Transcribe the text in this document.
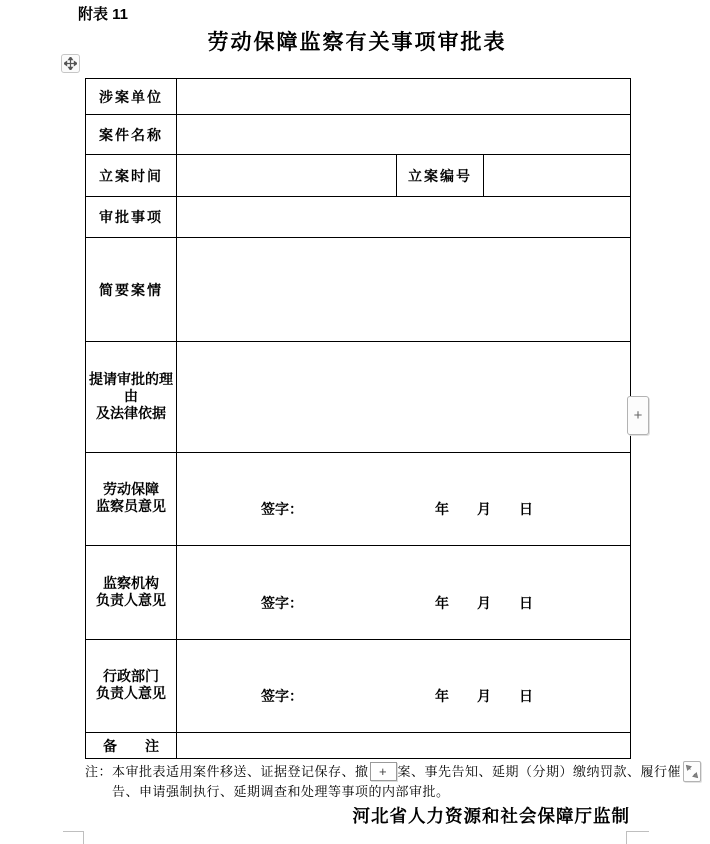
附表 11
劳动保障监察有关事项审批表
涉案单位			
案件名称			
立案时间		立案编号	
审批事项			
简要案情			

提请审批的理由
及法律依据			

劳动保障
监察员意见	签字：	年　　月　　日

监察机构
负责人意见	签字：	年　　月　　日

行政部门
负责人意见	签字：	年　　月　　日

备　　注			
+
注： 本审批表适用案件移送、证据登记保存、撤 + 案、事先告知、延期（分期）缴纳罚款、履行催
告、申请强制执行、延期调查和处理等事项的内部审批。
河北省人力资源和社会保障厅监制
